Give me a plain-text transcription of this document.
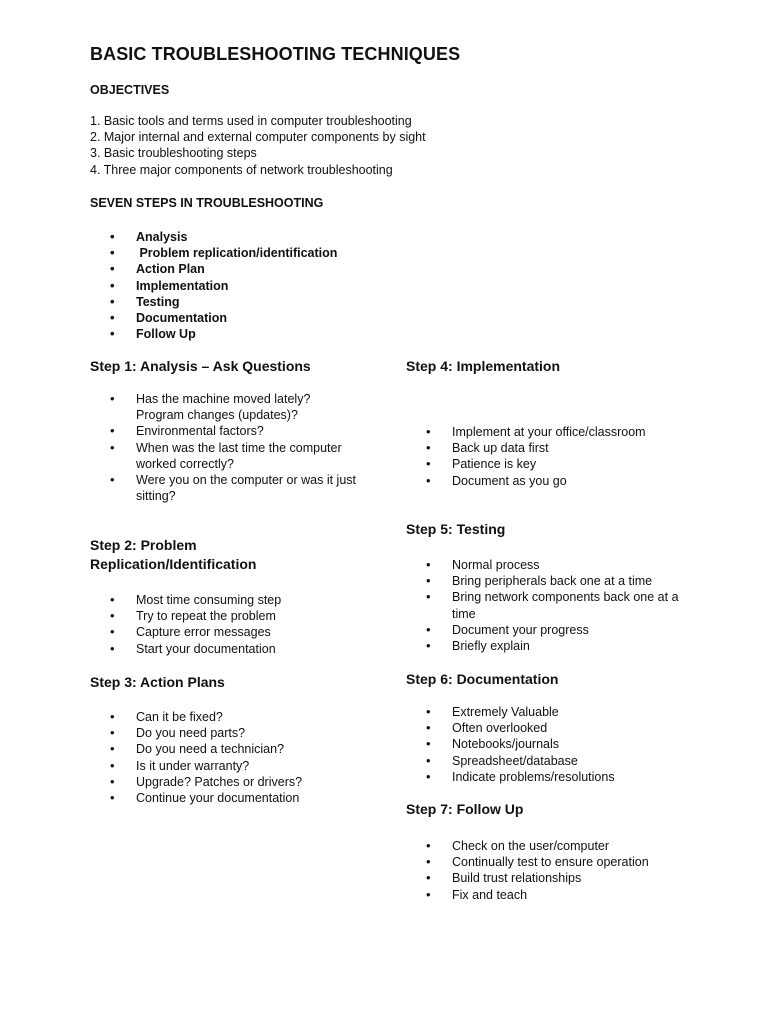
BASIC TROUBLESHOOTING TECHNIQUES
OBJECTIVES
1. Basic tools and terms used in computer troubleshooting
2. Major internal and external computer components by sight
3. Basic troubleshooting steps
4. Three major components of network troubleshooting
SEVEN STEPS IN TROUBLESHOOTING
• Analysis
•  Problem replication/identification
• Action Plan
• Implementation
• Testing
• Documentation
• Follow Up
Step 1: Analysis – Ask Questions
• Has the machine moved lately? Program changes (updates)?
• Environmental factors?
• When was the last time the computer worked correctly?
• Were you on the computer or was it just sitting?
Step 2: Problem
Replication/Identification
• Most time consuming step
• Try to repeat the problem
• Capture error messages
• Start your documentation
Step 3: Action Plans
• Can it be fixed?
• Do you need parts?
• Do you need a technician?
• Is it under warranty?
• Upgrade? Patches or drivers?
• Continue your documentation
Step 4: Implementation
• Implement at your office/classroom
• Back up data first
• Patience is key
• Document as you go
Step 5: Testing
• Normal process
• Bring peripherals back one at a time
• Bring network components back one at a time
• Document your progress
• Briefly explain
Step 6: Documentation
• Extremely Valuable
• Often overlooked
• Notebooks/journals
• Spreadsheet/database
• Indicate problems/resolutions
Step 7: Follow Up
• Check on the user/computer
• Continually test to ensure operation
• Build trust relationships
• Fix and teach
